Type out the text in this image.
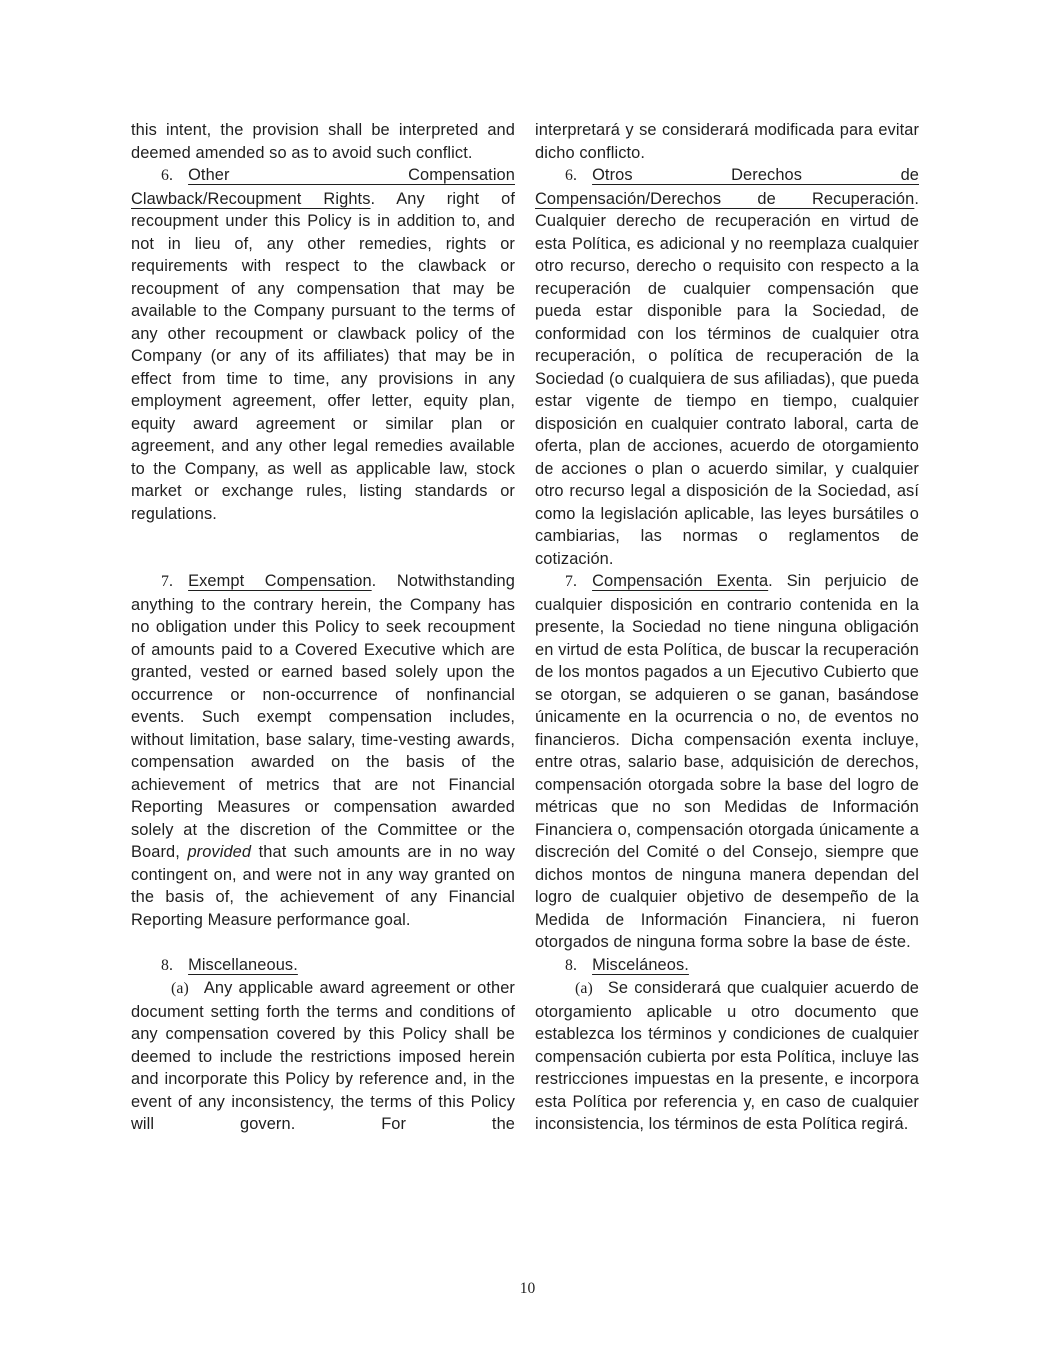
this intent, the provision shall be interpreted and deemed amended so as to avoid such conflict.

interpretará y se considerará modificada para evitar dicho conflicto.

6. Other Compensation Clawback/Recoupment Rights. Any right of recoupment under this Policy is in addition to, and not in lieu of, any other remedies, rights or requirements with respect to the clawback or recoupment of any compensation that may be available to the Company pursuant to the terms of any other recoupment or clawback policy of the Company (or any of its affiliates) that may be in effect from time to time, any provisions in any employment agreement, offer letter, equity plan, equity award agreement or similar plan or agreement, and any other legal remedies available to the Company, as well as applicable law, stock market or exchange rules, listing standards or regulations.

6. Otros Derechos de Compensación/Derechos de Recuperación. Cualquier derecho de recuperación en virtud de esta Política, es adicional y no reemplaza cualquier otro recurso, derecho o requisito con respecto a la recuperación de cualquier compensación que pueda estar disponible para la Sociedad, de conformidad con los términos de cualquier otra recuperación, o política de recuperación de la Sociedad (o cualquiera de sus afiliadas), que pueda estar vigente de tiempo en tiempo, cualquier disposición en cualquier contrato laboral, carta de oferta, plan de acciones, acuerdo de otorgamiento de acciones o plan o acuerdo similar, y cualquier otro recurso legal a disposición de la Sociedad, así como la legislación aplicable, las leyes bursátiles o cambiarias, las normas o reglamentos de cotización.

7. Exempt Compensation. Notwithstanding anything to the contrary herein, the Company has no obligation under this Policy to seek recoupment of amounts paid to a Covered Executive which are granted, vested or earned based solely upon the occurrence or non-occurrence of nonfinancial events. Such exempt compensation includes, without limitation, base salary, time-vesting awards, compensation awarded on the basis of the achievement of metrics that are not Financial Reporting Measures or compensation awarded solely at the discretion of the Committee or the Board, provided that such amounts are in no way contingent on, and were not in any way granted on the basis of, the achievement of any Financial Reporting Measure performance goal.

7. Compensación Exenta. Sin perjuicio de cualquier disposición en contrario contenida en la presente, la Sociedad no tiene ninguna obligación en virtud de esta Política, de buscar la recuperación de los montos pagados a un Ejecutivo Cubierto que se otorgan, se adquieren o se ganan, basándose únicamente en la ocurrencia o no, de eventos no financieros. Dicha compensación exenta incluye, entre otras, salario base, adquisición de derechos, compensación otorgada sobre la base del logro de métricas que no son Medidas de Información Financiera o, compensación otorgada únicamente a discreción del Comité o del Consejo, siempre que dichos montos de ninguna manera dependan del logro de cualquier objetivo de desempeño de la Medida de Información Financiera, ni fueron otorgados de ninguna forma sobre la base de éste.

8. Miscellaneous.	8. Misceláneos.

(a) Any applicable award agreement or other document setting forth the terms and conditions of any compensation covered by this Policy shall be deemed to include the restrictions imposed herein and incorporate this Policy by reference and, in the event of any inconsistency, the terms of this Policy will govern. For the

(a) Se considerará que cualquier acuerdo de otorgamiento aplicable u otro documento que establezca los términos y condiciones de cualquier compensación cubierta por esta Política, incluye las restricciones impuestas en la presente, e incorpora esta Política por referencia y, en caso de cualquier inconsistencia, los términos de esta Política regirá.

10
